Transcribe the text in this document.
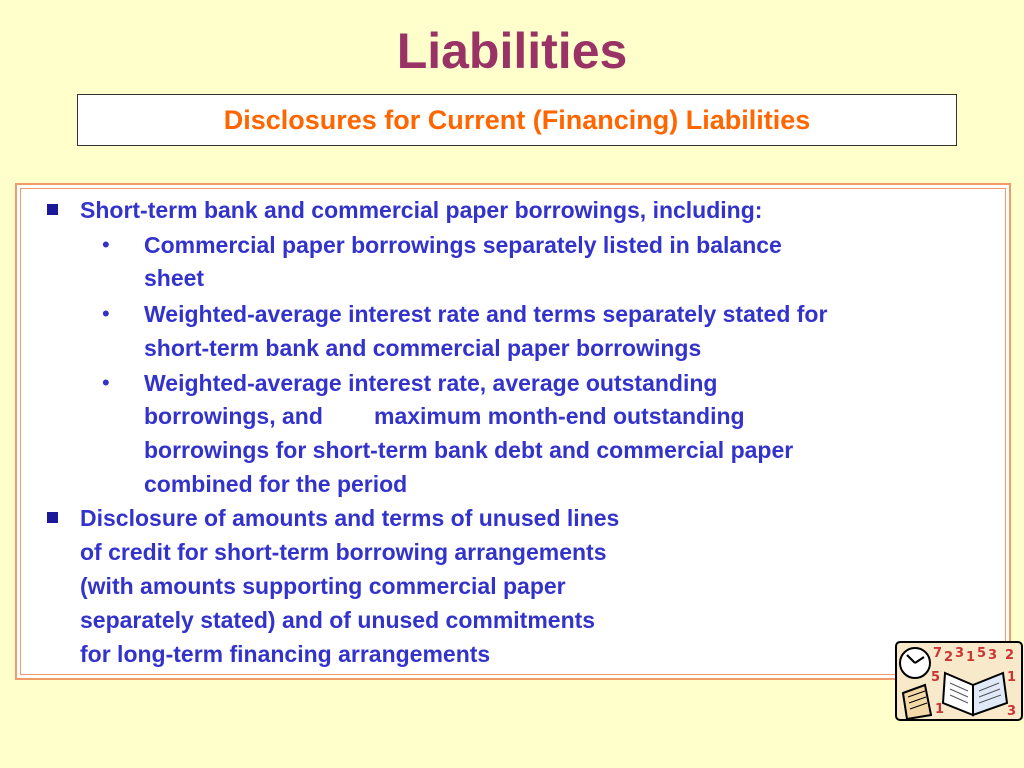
Liabilities
Disclosures for Current (Financing) Liabilities
Short-term bank and commercial paper borrowings, including:
• Commercial paper borrowings separately listed in balance
sheet
• Weighted-average interest rate and terms separately stated for
short-term bank and commercial paper borrowings
• Weighted-average interest rate, average outstanding
borrowings, and        maximum month-end outstanding
borrowings for short-term bank debt and commercial paper
combined for the period
Disclosure of amounts and terms of unused lines
of credit for short-term borrowing arrangements
(with amounts supporting commercial paper
separately stated) and of unused commitments
for long-term financing arrangements	7 2 3 1 5 3 2
5	1
1	3
